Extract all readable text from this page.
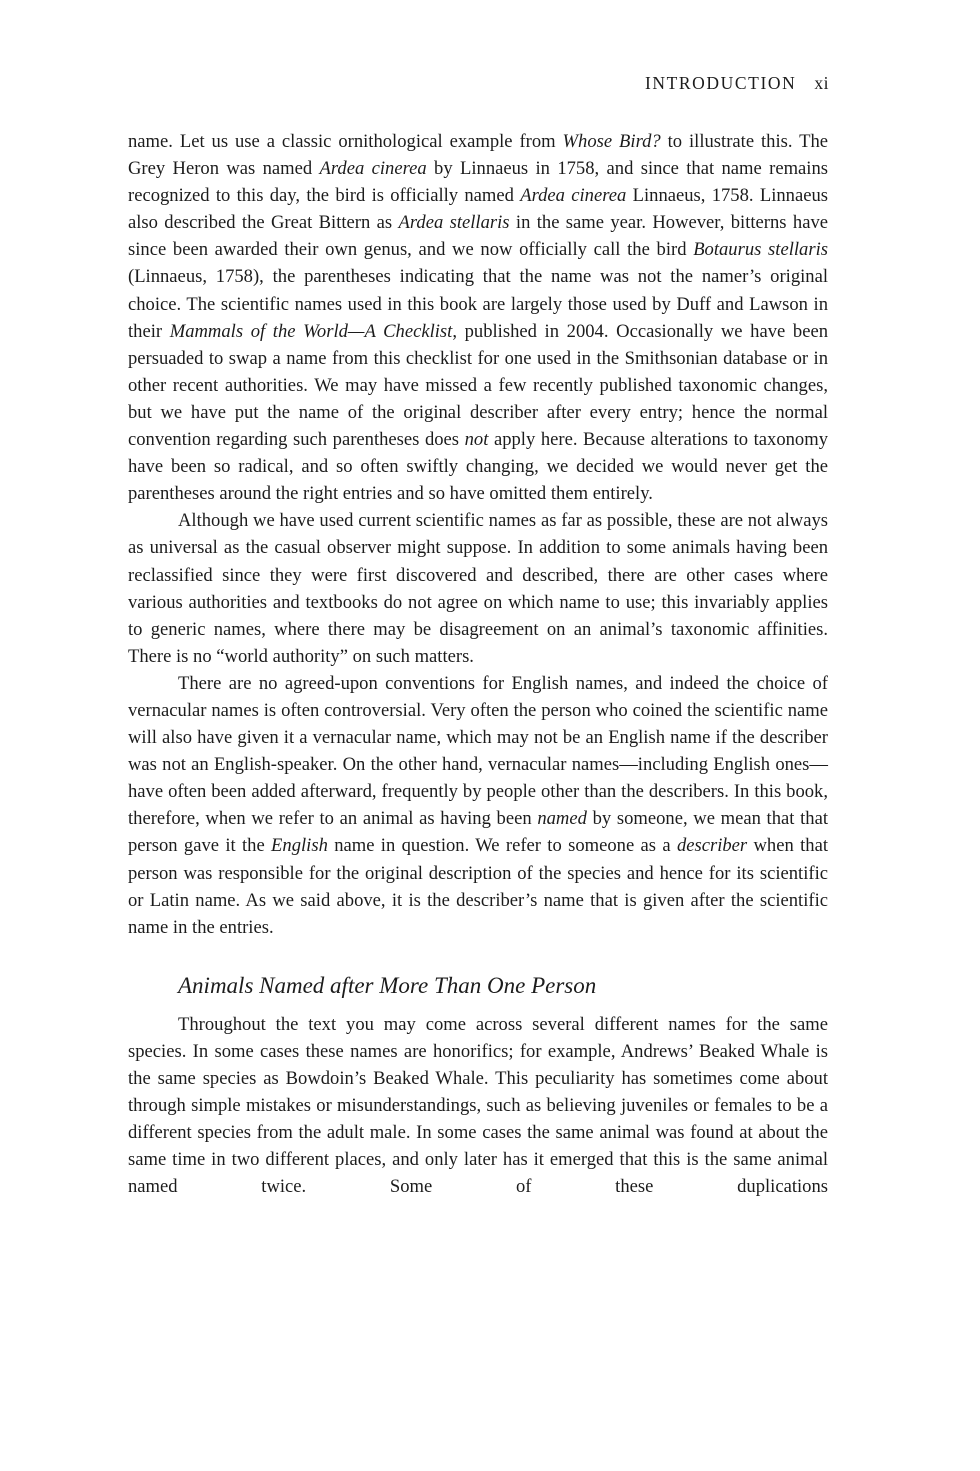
INTRODUCTION xi

name. Let us use a classic ornithological example from Whose Bird? to illustrate this. The Grey Heron was named Ardea cinerea by Linnaeus in 1758, and since that name remains recognized to this day, the bird is officially named Ardea cinerea Linnaeus, 1758. Linnaeus also described the Great Bittern as Ardea stellaris in the same year. However, bitterns have since been awarded their own genus, and we now officially call the bird Botaurus stellaris (Linnaeus, 1758), the parentheses indicating that the name was not the namer’s original choice. The scientific names used in this book are largely those used by Duff and Lawson in their Mammals of the World—A Checklist, published in 2004. Occasionally we have been persuaded to swap a name from this checklist for one used in the Smithsonian database or in other recent authorities. We may have missed a few recently published taxonomic changes, but we have put the name of the original describer after every entry; hence the normal convention regarding such parentheses does not apply here. Because alterations to taxonomy have been so radical, and so often swiftly changing, we decided we would never get the parentheses around the right entries and so have omitted them entirely.

Although we have used current scientific names as far as possible, these are not always as universal as the casual observer might suppose. In addition to some animals having been reclassified since they were first discovered and described, there are other cases where various authorities and textbooks do not agree on which name to use; this invariably applies to generic names, where there may be disagreement on an animal’s taxonomic affinities. There is no “world authority” on such matters.

There are no agreed-upon conventions for English names, and indeed the choice of vernacular names is often controversial. Very often the person who coined the scientific name will also have given it a vernacular name, which may not be an English name if the describer was not an English-speaker. On the other hand, vernacular names—including English ones—have often been added afterward, frequently by people other than the describers. In this book, therefore, when we refer to an animal as having been named by someone, we mean that that person gave it the English name in question. We refer to someone as a describer when that person was responsible for the original description of the species and hence for its scientific or Latin name. As we said above, it is the describer’s name that is given after the scientific name in the entries.

Animals Named after More Than One Person

Throughout the text you may come across several different names for the same species. In some cases these names are honorifics; for example, Andrews’ Beaked Whale is the same species as Bowdoin’s Beaked Whale. This peculiarity has sometimes come about through simple mistakes or misunderstandings, such as believing juveniles or females to be a different species from the adult male. In some cases the same animal was found at about the same time in two different places, and only later has it emerged that this is the same animal named twice. Some of these duplications
